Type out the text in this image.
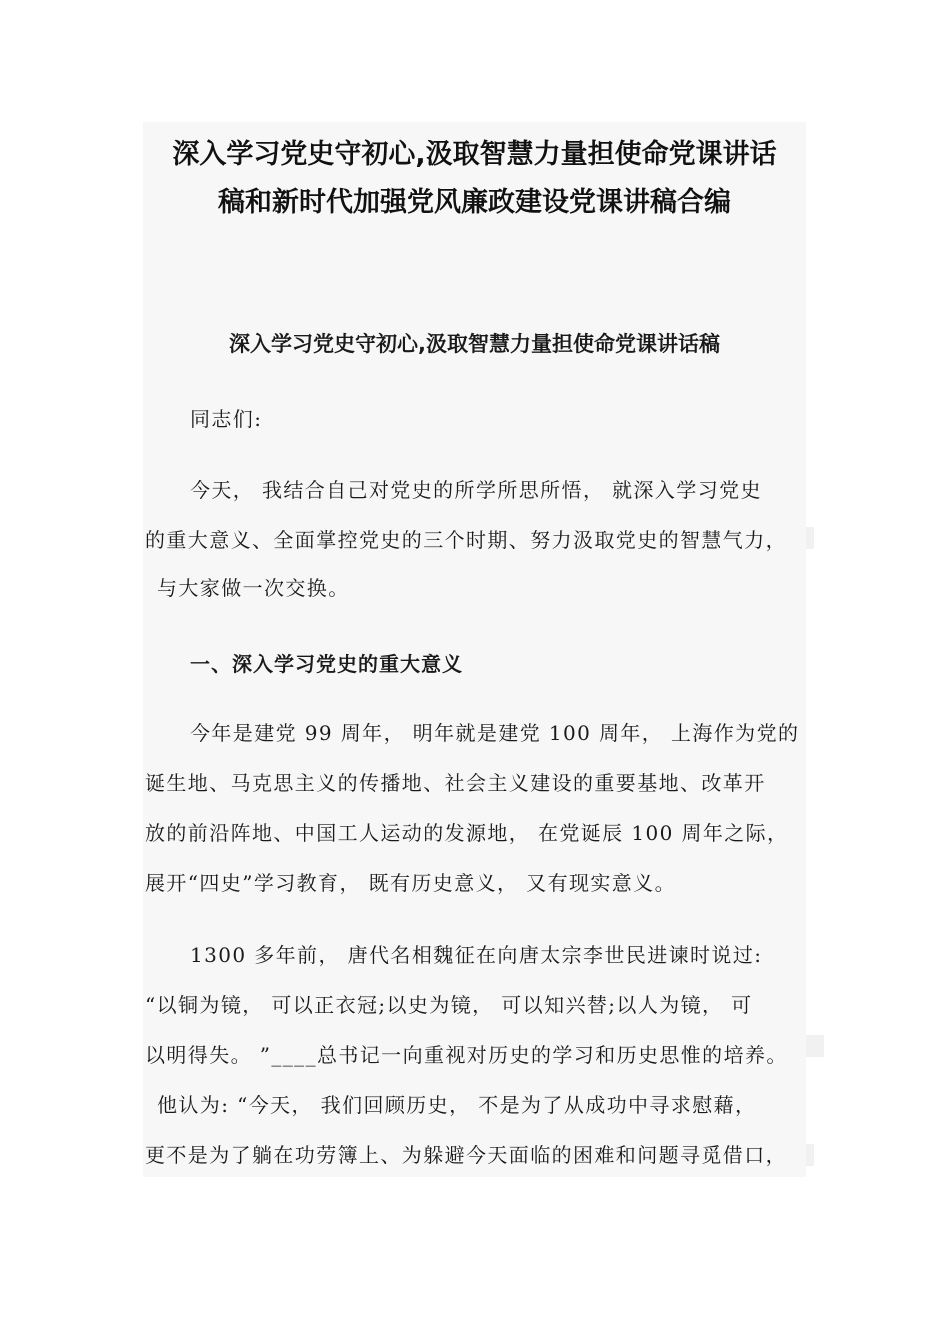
深入学习党史守初心,汲取智慧力量担使命党课讲话
稿和新时代加强党风廉政建设党课讲稿合编
深入学习党史守初心,汲取智慧力量担使命党课讲话稿
同志们:
今天， 我结合自己对党史的所学所思所悟， 就深入学习党史
的重大意义、全面掌控党史的三个时期、努力汲取党史的智慧气力，
与大家做一次交换。
一、深入学习党史的重大意义
今年是建党 99 周年， 明年就是建党 100 周年， 上海作为党的
诞生地、马克思主义的传播地、社会主义建设的重要基地、改革开
放的前沿阵地、中国工人运动的发源地， 在党诞辰 100 周年之际，
展开“四史”学习教育， 既有历史意义， 又有现实意义。
1300 多年前， 唐代名相魏征在向唐太宗李世民进谏时说过:
“以铜为镜， 可以正衣冠;以史为镜， 可以知兴替;以人为镜， 可
以明得失。 ”____总书记一向重视对历史的学习和历史思惟的培养。
他认为: “今天， 我们回顾历史， 不是为了从成功中寻求慰藉，
更不是为了躺在功劳簿上、为躲避今天面临的困难和问题寻觅借口，
